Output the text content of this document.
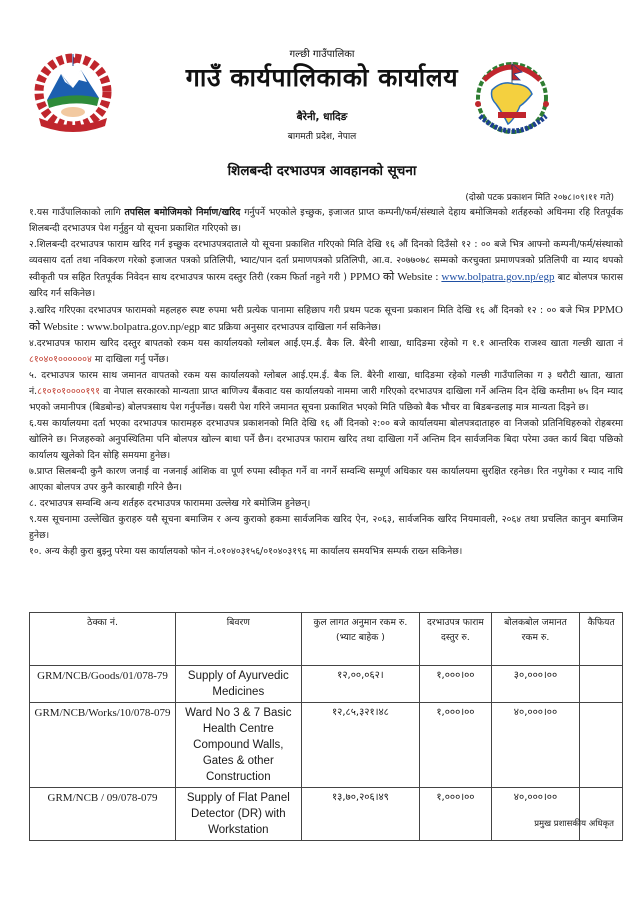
गल्छी गाउँपालिका
गाउँ कार्यपालिकाको कार्यालय
बैरेनी, धादिङ
बागमती प्रदेश, नेपाल
शिलबन्दी दरभाउपत्र आवहानको सूचना
(दोस्रो पटक प्रकाशन मिति २०७८।०९।११ गते)

१.यस गाउँपालिकाको लागि तपसिल बमोजिमको निर्माण/खरिद गर्नुपर्ने भएकोले इच्छुक, इजाजत प्राप्त कम्पनी/फर्म/संस्थाले देहाय बमोजिमको शर्तहरुको अधिनमा रहि रितपूर्वक शिलबन्दी दरभाउपत्र पेश गर्नुहुन यो सूचना प्रकाशित गरिएको छ।

२.शिलबन्दी दरभाउपत्र फाराम खरिद गर्न इच्छुक दरभाउपत्रदाताले यो सूचना प्रकाशित गरिएको मिति देखि १६ औं दिनको दिउँसो १२ : ०० बजे भित्र आफ्नो कम्पनी/फर्म/संस्थाको व्यवसाय दर्ता तथा नविकरण गरेको इजाजत पत्रको प्रतिलिपी, भ्याट/पान दर्ता प्रमाणपत्रको प्रतिलिपी, आ.व. २०७७०७८ सम्मको करचुक्ता प्रमाणपत्रको प्रतिलिपी वा म्याद थपको स्वीकृती पत्र सहित रितपूर्वक निवेदन साथ दरभाउपत्र फारम दस्तुर तिरी (रकम फिर्ता नहुने गरी ) PPMO को Website : www.bolpatra.gov.np/egp बाट बोलपत्र फारास खरिद गर्न सकिनेछ।

३.खरिद गरिएका दरभाउपत्र फारामको महलहरु स्पष्ट रुपमा भरी प्रत्येक पानामा सहिछाप गरी प्रथम पटक सूचना प्रकाशन मिति देखि १६ औं दिनको १२ : ०० बजे भित्र PPMO को Website : www.bolpatra.gov.np/egp बाट प्रक्रिया अनुसार दरभाउपत्र दाखिला गर्न सकिनेछ।

४.दरभाउपत्र फाराम खरिद दस्तुर बापतको रकम यस कार्यालयको ग्लोबल आई.एम.ई. बैक लि. बैरेनी शाखा, धादिङमा रहेको ग १.१ आन्तरिक राजश्व खाता गल्छी खाता नं ८१०४०१००००००४ मा दाखिला गर्नु पर्नेछ।

५. दरभाउपत्र फारम साथ जमानत वापतको रकम यस कार्यालयको ग्लोबल आई.एम.ई. बैक लि. बैरेनी शाखा, धादिङमा रहेको गल्छी गाउँपालिका ग ३ धरौटी खाता, खाता नं.८१०१०१००००१९१ वा नेपाल सरकारको मान्यताा प्राप्त बाणिज्य बैंकवाट यस कार्यालयको नाममा जारी गरिएको दरभाउपत्र दाखिला गर्ने अन्तिम दिन देखि कम्तीमा ७५ दिन म्याद भएको जमानीपत्र (बिडबोन्ड) बोलपत्रसाथ पेश गर्नुपर्नेछ। यसरी पेश गरिने जमानत सूचना प्रकाशित भएको मिति पछिको बैक भौचर वा बिडबन्डलाइ मात्र मान्यता दिइने छ।

६.यस कार्यालयमा दर्ता भएका दरभाउपत्र फारामहरु दरभाउपत्र प्रकाशनको मिति देखि १६ औं दिनको २:०० बजे कार्यालयमा बोलपत्रदाताहरु वा निजको प्रतिनिधिहरुको रोहबरमा खोलिने छ। निजहरुको अनुपस्थितिमा पनि बोलपत्र खोल्न बाधा पर्ने छैन। दरभाउपत्र फाराम खरिद तथा दाखिला गर्ने अन्तिम दिन सार्वजनिक बिदा परेमा उक्त कार्य बिदा पछिको कार्यालय खुलेको दिन सोहि समयमा हुनेछ।

७.प्राप्त सिलबन्दी कुनै कारण जनाई वा नजनाई आंशिक वा पूर्ण रुपमा स्वीकृत गर्ने वा नगर्ने सम्वन्धि सम्पूर्ण अधिकार यस कार्यालयमा सुरक्षित रहनेछ। रित नपुगेका र म्याद नाघि आएका बोलपत्र उपर कुनै कारबाही गरिने छैन।

८. दरभाउपत्र सम्वन्धि अन्य शर्तहरु दरभाउपत्र फाराममा उल्लेख गरे बमोजिम हुनेछन्।

९.यस सूचनामा उल्लेखित कुराहरु यसै सूचना बमाजिम र अन्य कुराको हकमा सार्वजनिक खरिद ऐन, २०६३, सार्वजनिक खरिद नियमावली, २०६४ तथा प्रचलित कानुन बमाजिम हुनेछ।

१०. अन्य केही कुरा बुझ्नु परेमा यस कार्यालयको फोन नं.०१०४०३१५६/०१०४०३१९६ मा कार्यालय समयभित्र सम्पर्क राख्न सकिनेछ।

ठेक्का नं.	बिवरण	कुल लागत अनुमान रकम रु.(भ्याट बाहेक )	दरभाउपत्र फाराम दस्तुर रु.	बोलकबोल जमानत रकम रु.	कैफियत
GRM/NCB/Goods/01/078-79	Supply of Ayurvedic Medicines	१२,००,०६२।	१,०००।००	३०,०००।००	
GRM/NCB/Works/10/078-079	Ward No 3 & 7 Basic Health Centre Compound Walls, Gates & other Construction	१२,८५,३२१।४८	१,०००।००	४०,०००।००	
GRM/NCB / 09/078-079	Supply of Flat Panel Detector (DR) with Workstation	१३,७०,२०६।४९	१,०००।००	४०,०००।००	
प्रमुख प्रशासकीय अधिकृत
